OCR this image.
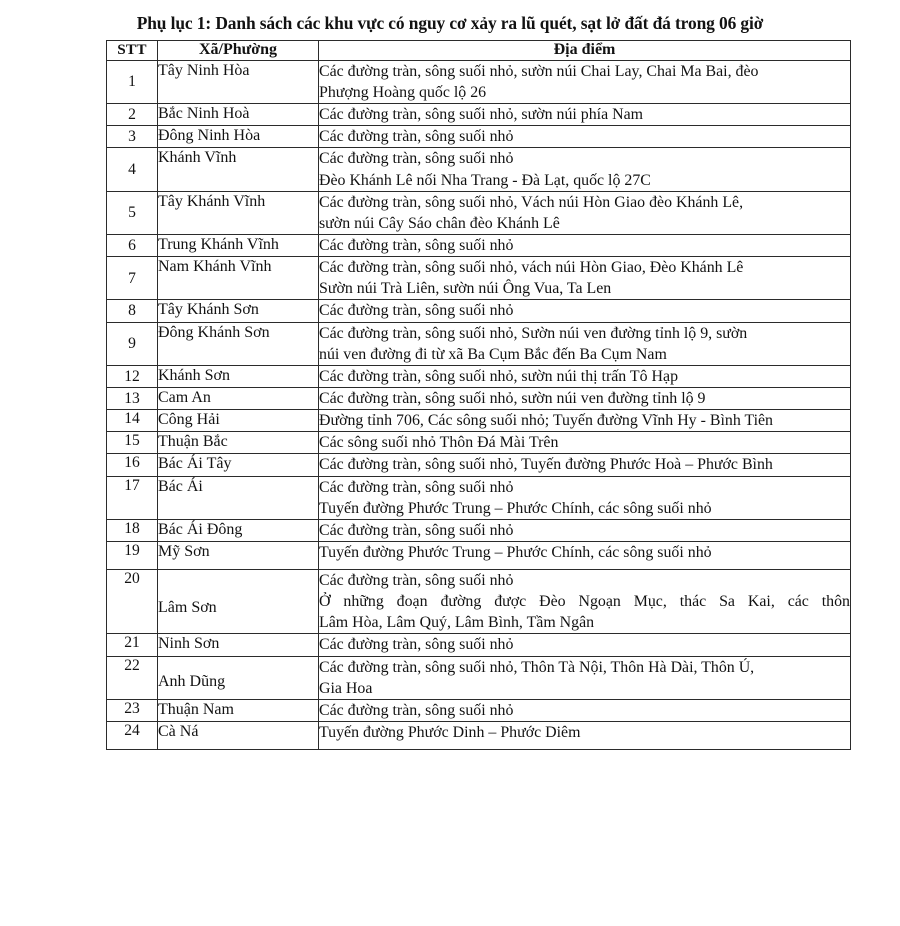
Phụ lục 1: Danh sách các khu vực có nguy cơ xảy ra lũ quét, sạt lở đất đá trong 06 giờ
STT	Xã/Phường	Địa điểm
1	Tây Ninh Hòa	Các đường tràn, sông suối nhỏ, sườn núi Chai Lay, Chai Ma Bai, đèo
Phượng Hoàng quốc lộ 26

2	Bắc Ninh Hoà	Các đường tràn, sông suối nhỏ, sườn núi phía Nam

3	Đông Ninh Hòa	Các đường tràn, sông suối nhỏ

4	Khánh Vĩnh	Các đường tràn, sông suối nhỏ
Đèo Khánh Lê nối Nha Trang - Đà Lạt, quốc lộ 27C

5	Tây Khánh Vĩnh	Các đường tràn, sông suối nhỏ, Vách núi Hòn Giao đèo Khánh Lê,
sườn núi Cây Sáo chân đèo Khánh Lê

6	Trung Khánh Vĩnh	Các đường tràn, sông suối nhỏ

7	Nam Khánh Vĩnh	Các đường tràn, sông suối nhỏ, vách núi Hòn Giao, Đèo Khánh Lê
Sườn núi Trà Liên, sườn núi Ông Vua, Ta Len

8	Tây Khánh Sơn	Các đường tràn, sông suối nhỏ

9	Đông Khánh Sơn	Các đường tràn, sông suối nhỏ, Sườn núi ven đường tỉnh lộ 9, sườn
núi ven đường đi từ xã Ba Cụm Bắc đến Ba Cụm Nam

12	Khánh Sơn	Các đường tràn, sông suối nhỏ, sườn núi thị trấn Tô Hạp

13	Cam An	Các đường tràn, sông suối nhỏ, sườn núi ven đường tỉnh lộ 9

14	Công Hải	Đường tỉnh 706, Các sông suối nhỏ; Tuyến đường Vĩnh Hy - Bình Tiên

15	Thuận Bắc	Các sông suối nhỏ Thôn Đá Mài Trên

16	Bác Ái Tây	Các đường tràn, sông suối nhỏ, Tuyến đường Phước Hoà – Phước Bình

17	Bác Ái	Các đường tràn, sông suối nhỏ
Tuyến đường Phước Trung – Phước Chính, các sông suối nhỏ

18	Bác Ái Đông	Các đường tràn, sông suối nhỏ

19	Mỹ Sơn	Tuyến đường Phước Trung – Phước Chính, các sông suối nhỏ

20	Lâm Sơn	Các đường tràn, sông suối nhỏ
Ở những đoạn đường được Đèo Ngoạn Mục, thác Sa Kai, các thôn
Lâm Hòa, Lâm Quý, Lâm Bình, Tầm Ngân

21	Ninh Sơn	Các đường tràn, sông suối nhỏ

22	Anh Dũng	Các đường tràn, sông suối nhỏ, Thôn Tà Nội, Thôn Hà Dài, Thôn Ú,
Gia Hoa

23	Thuận Nam	Các đường tràn, sông suối nhỏ

24	Cà Ná	Tuyến đường Phước Dinh – Phước Diêm
